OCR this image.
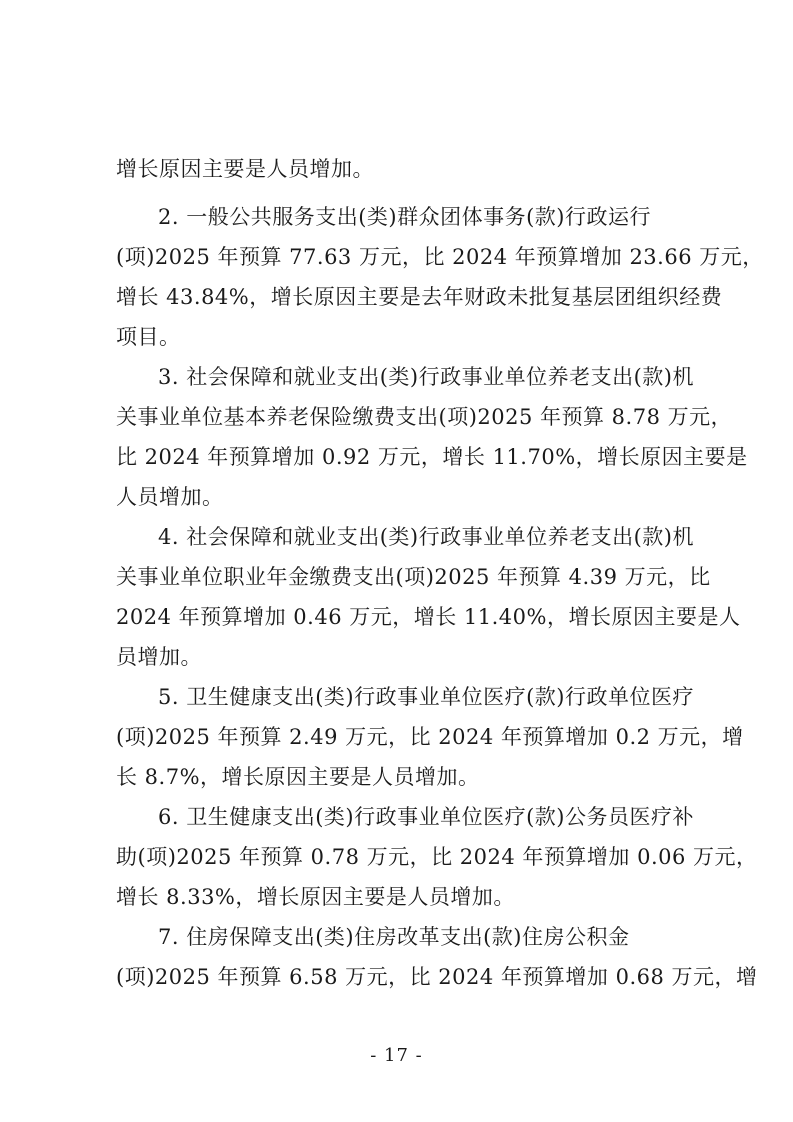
增长原因主要是人员增加。
2. 一般公共服务支出(类)群众团体事务(款)行政运行
(项)2025 年预算 77.63 万元，比 2024 年预算增加 23.66 万元，
增长 43.84%，增长原因主要是去年财政未批复基层团组织经费
项目。
3. 社会保障和就业支出(类)行政事业单位养老支出(款)机
关事业单位基本养老保险缴费支出(项)2025 年预算 8.78 万元，
比 2024 年预算增加 0.92 万元，增长 11.70%，增长原因主要是
人员增加。
4. 社会保障和就业支出(类)行政事业单位养老支出(款)机
关事业单位职业年金缴费支出(项)2025 年预算 4.39 万元，比
2024 年预算增加 0.46 万元，增长 11.40%，增长原因主要是人
员增加。
5. 卫生健康支出(类)行政事业单位医疗(款)行政单位医疗
(项)2025 年预算 2.49 万元，比 2024 年预算增加 0.2 万元，增
长 8.7%，增长原因主要是人员增加。
6. 卫生健康支出(类)行政事业单位医疗(款)公务员医疗补
助(项)2025 年预算 0.78 万元，比 2024 年预算增加 0.06 万元，
增长 8.33%，增长原因主要是人员增加。
7. 住房保障支出(类)住房改革支出(款)住房公积金
(项)2025 年预算 6.58 万元，比 2024 年预算增加 0.68 万元，增
- 17 -
